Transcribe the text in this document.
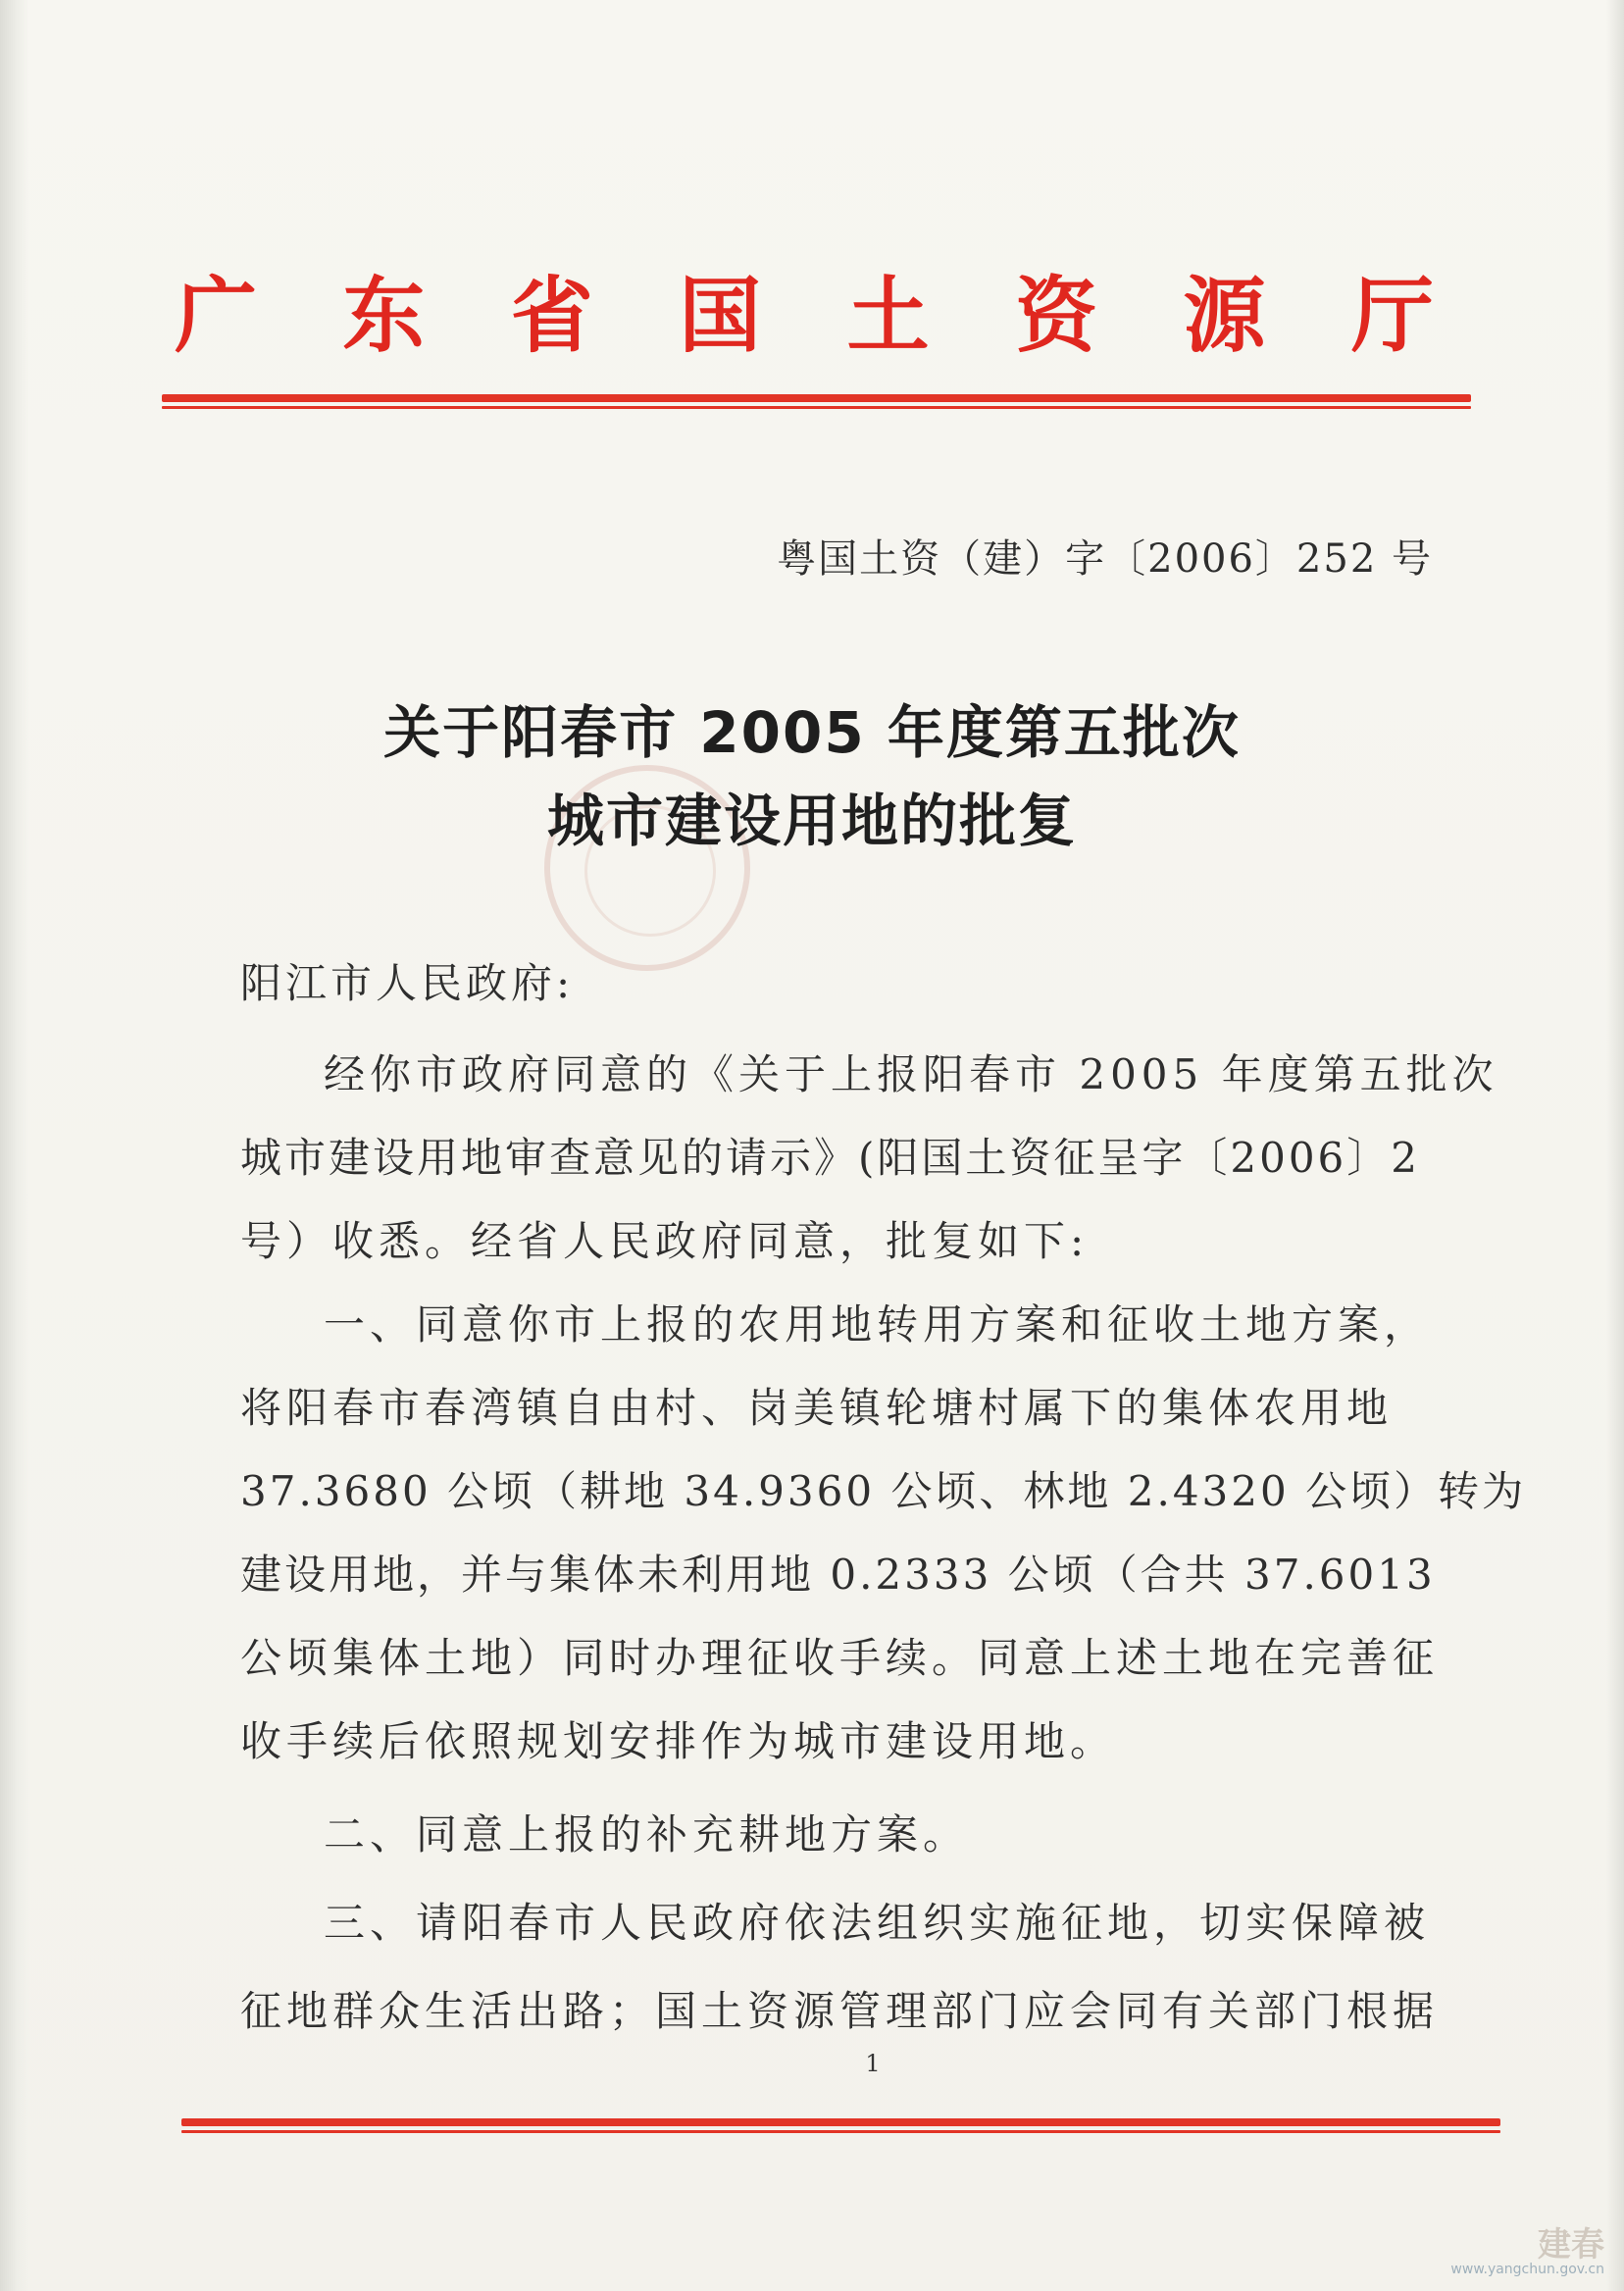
广 东 省 国 土 资 源 厅
粤国土资（建）字〔2006〕252 号
关于阳春市 2005 年度第五批次
城市建设用地的批复
阳江市人民政府:
经你市政府同意的《关于上报阳春市 2005 年度第五批次
城市建设用地审查意见的请示》(阳国土资征呈字〔2006〕2
号）收悉。经省人民政府同意，批复如下:
一、同意你市上报的农用地转用方案和征收土地方案，
将阳春市春湾镇自由村、岗美镇轮塘村属下的集体农用地
37.3680 公顷（耕地 34.9360 公顷、林地 2.4320 公顷）转为
建设用地，并与集体未利用地 0.2333 公顷（合共 37.6013
公顷集体土地）同时办理征收手续。同意上述土地在完善征
收手续后依照规划安排作为城市建设用地。
二、同意上报的补充耕地方案。
三、请阳春市人民政府依法组织实施征地，切实保障被
征地群众生活出路；国土资源管理部门应会同有关部门根据
1
建春
www.yangchun.gov.cn
